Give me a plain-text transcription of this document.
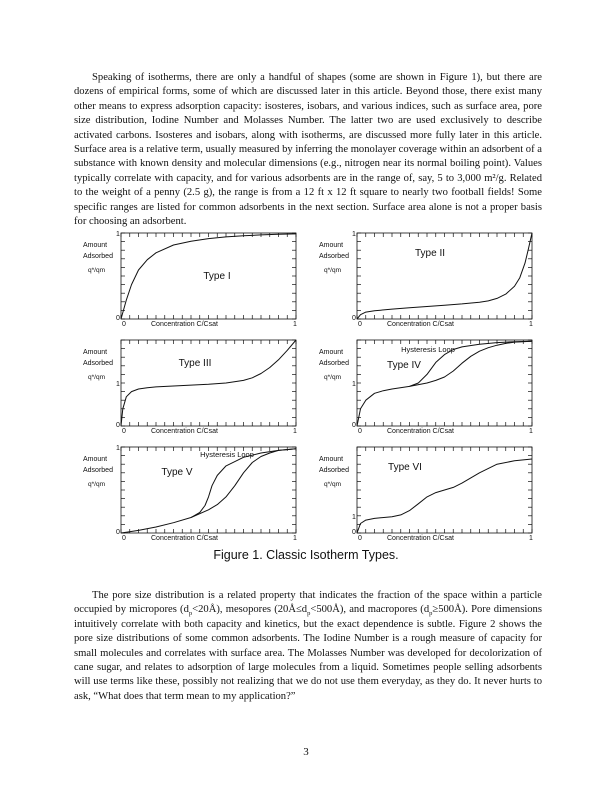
Speaking of isotherms, there are only a handful of shapes (some are shown in Figure 1), but there are dozens of empirical forms, some of which are discussed later in this article. Beyond those, there exist many other means to express adsorption capacity: isosteres, isobars, and various indices, such as surface area, pore size distribution, Iodine Number and Molasses Number. The latter two are used exclusively to describe activated carbons. Isosteres and isobars, along with isotherms, are discussed more fully later in this article. Surface area is a relative term, usually measured by inferring the monolayer coverage within an adsorbent of a substance with known density and molecular dimensions (e.g., nitrogen near its normal boiling point). Values typically correlate with capacity, and for various adsorbents are in the range of, say, 5 to 3,000 m²/g. Related to the weight of a penny (2.5 g), the range is from a 12 ft x 12 ft square to nearly two football fields! Some specific ranges are listed for common adsorbents in the next section. Surface area alone is not a proper basis for choosing an adsorbent.

0	1
0
1
Concentration C/Csat
Amount
Adsorbed
q*/qm
Type I
0	1
0
1
Concentration C/Csat
Amount
Adsorbed
q*/qm
Type II
0	1
0
1
Concentration C/Csat
Amount
Adsorbed
q*/qm
Type III
0	1
0
1
Concentration C/Csat
Amount
Adsorbed
q*/qm
Type IV
Hysteresis Loop
0	1
0
1
Concentration C/Csat
Amount
Adsorbed
q*/qm
Type V
Hysteresis Loop
0	1
0
1
Concentration C/Csat
Amount
Adsorbed
q*/qm
Type VI
Figure 1. Classic Isotherm Types.

The pore size distribution is a related property that indicates the fraction of the space within a particle occupied by micropores $(d_p<20Å)$, mesopores $(20Å\le d_p<500Å)$, and macropores $(d_p\ge 500Å)$. Pore dimensions intuitively correlate with both capacity and kinetics, but the exact dependence is subtle. Figure 2 shows the pore size distributions of some common adsorbents. The Iodine Number is a rough measure of capacity for small molecules and correlates with surface area. The Molasses Number was developed for decolorization of cane sugar, and relates to adsorption of large molecules from a liquid. Sometimes people selling adsorbents will use terms like these, possibly not realizing that we do not use them everyday, as they do. It never hurts to ask, “What does that term mean to my application?”

3
